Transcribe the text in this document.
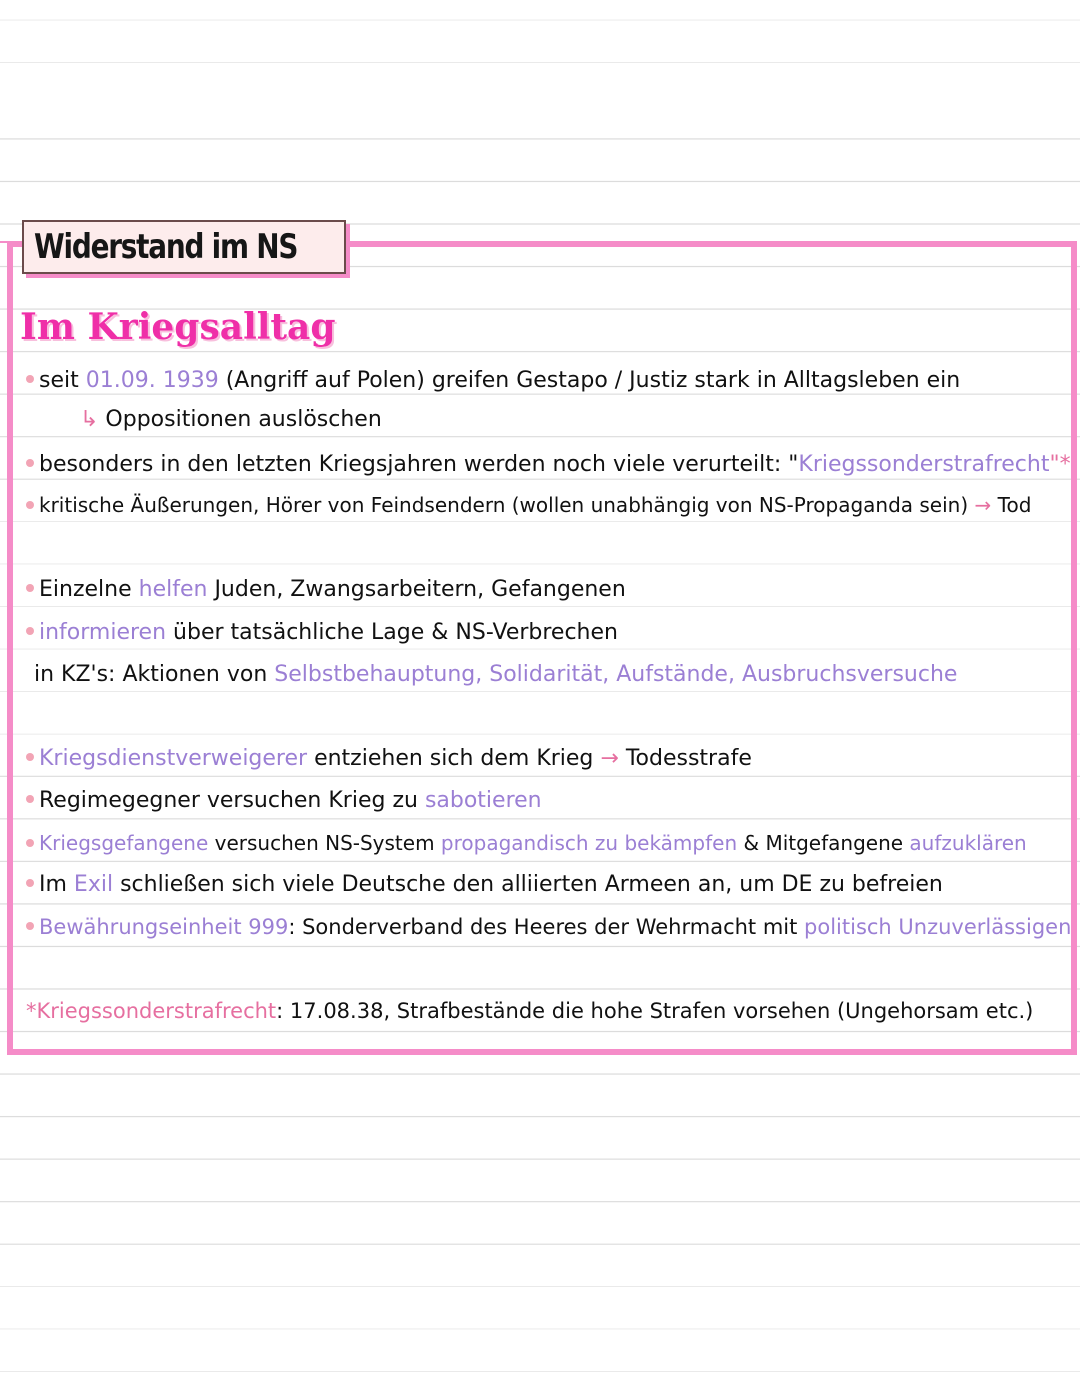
Widerstand im NS
Im Kriegsalltag
seit 01.09. 1939 (Angriff auf Polen) greifen Gestapo / Justiz stark in Alltagsleben ein
↳ Oppositionen auslöschen
besonders in den letzten Kriegsjahren werden noch viele verurteilt: "Kriegssonderstrafrecht"*
kritische Äußerungen, Hörer von Feindsendern (wollen unabhängig von NS-Propaganda sein) → Tod
Einzelne helfen Juden, Zwangsarbeitern, Gefangenen
informieren über tatsächliche Lage & NS-Verbrechen
in KZ's: Aktionen von Selbstbehauptung, Solidarität, Aufstände, Ausbruchsversuche
Kriegsdienstverweigerer entziehen sich dem Krieg → Todesstrafe
Regimegegner versuchen Krieg zu sabotieren
Kriegsgefangene versuchen NS-System propagandisch zu bekämpfen & Mitgefangene aufzuklären
Im Exil schließen sich viele Deutsche den alliierten Armeen an, um DE zu befreien
Bewährungseinheit 999: Sonderverband des Heeres der Wehrmacht mit politisch Unzuverlässigen
*Kriegssonderstrafrecht: 17.08.38, Strafbestände die hohe Strafen vorsehen (Ungehorsam etc.)
